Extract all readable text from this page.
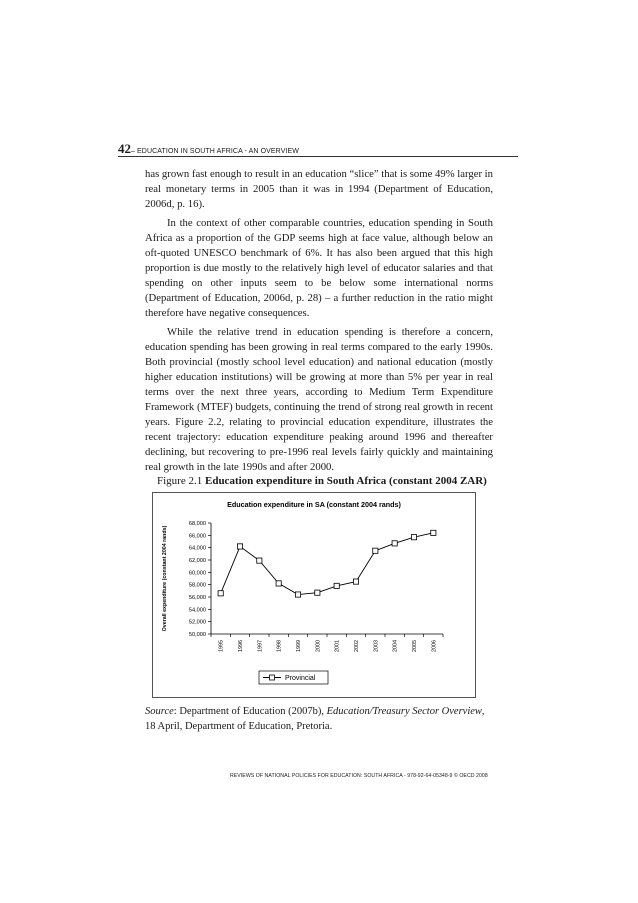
42– EDUCATION IN SOUTH AFRICA - AN OVERVIEW

has grown fast enough to result in an education “slice” that is some 49% larger in real monetary terms in 2005 than it was in 1994 (Department of Education, 2006d, p. 16).

In the context of other comparable countries, education spending in South Africa as a proportion of the GDP seems high at face value, although below an oft-quoted UNESCO benchmark of 6%. It has also been argued that this high proportion is due mostly to the relatively high level of educator salaries and that spending on other inputs seem to be below some international norms (Department of Education, 2006d, p. 28) – a further reduction in the ratio might therefore have negative consequences.

While the relative trend in education spending is therefore a concern, education spending has been growing in real terms compared to the early 1990s. Both provincial (mostly school level education) and national education (mostly higher education institutions) will be growing at more than 5% per year in real terms over the next three years, according to Medium Term Expenditure Framework (MTEF) budgets, continuing the trend of strong real growth in recent years. Figure 2.2, relating to provincial education expenditure, illustrates the recent trajectory: education expenditure peaking around 1996 and thereafter declining, but recovering to pre-1996 real levels fairly quickly and maintaining real growth in the late 1990s and after 2000.

Figure 2.1 Education expenditure in South Africa (constant 2004 ZAR)
Education expenditure in SA (constant 2004 rands)
Overall expenditure (constant 2004 rands)
50,000
52,000
54,000
56,000
58,000
60,000
62,000
64,000
66,000
68,000
1995 1996 1997 1998 1999 2000 2001 2002 2003 2004 2005 2006
Provincial
Source: Department of Education (2007b), Education/Treasury Sector Overview, 18 April, Department of Education, Pretoria.
REVIEWS OF NATIONAL POLICIES FOR EDUCATION: SOUTH AFRICA - 978-92-64-05348-9 © OECD 2008
